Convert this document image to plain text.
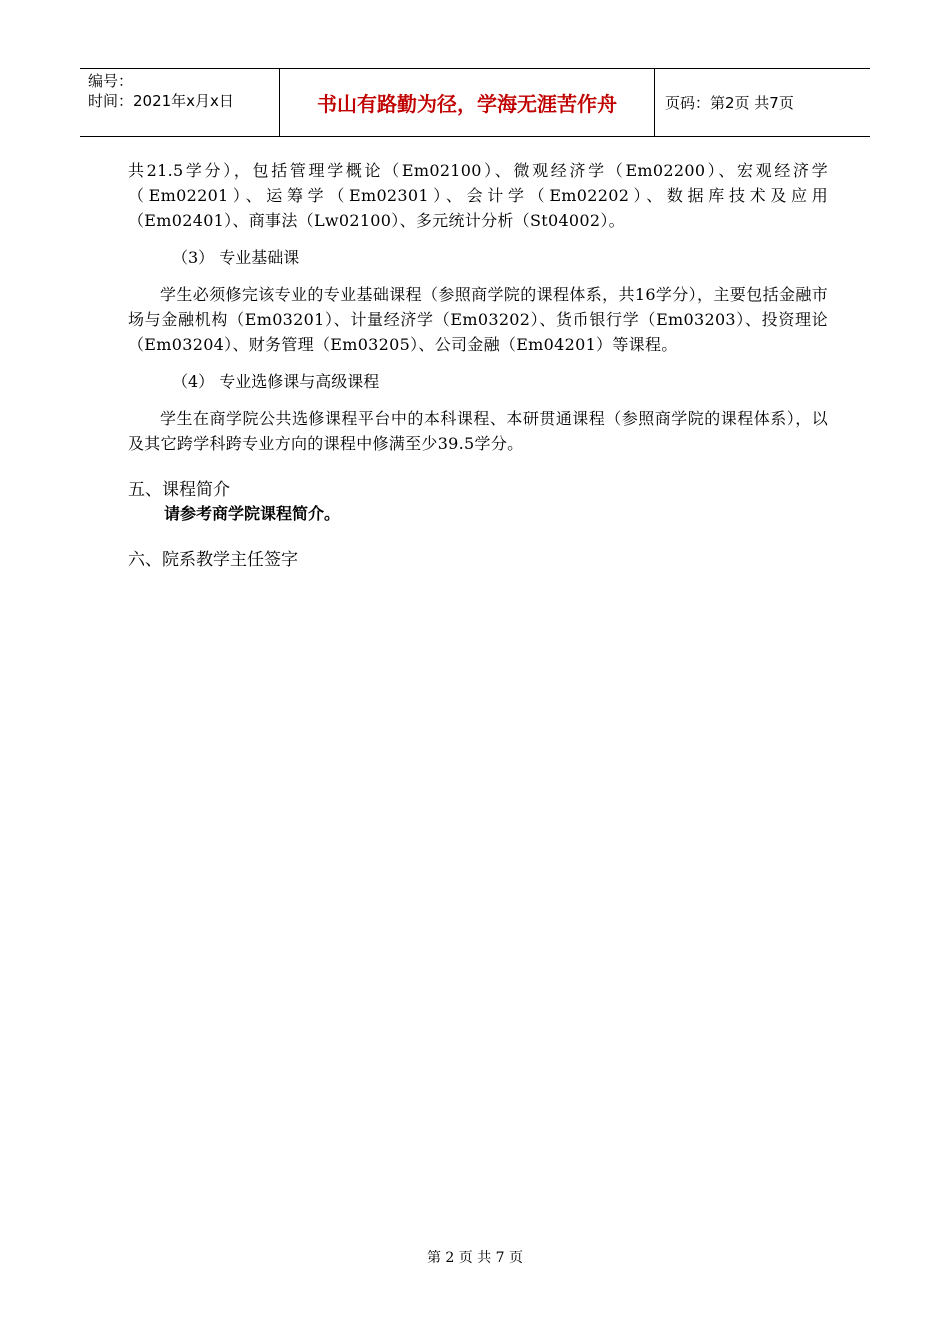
编号：
时间：2021年x月x日	书山有路勤为径，学海无涯苦作舟	页码：第2页 共7页

共21.5学分），包括管理学概论（Em02100）、微观经济学（Em02200）、宏观经济学（Em02201）、运筹学（Em02301）、会计学（Em02202）、数据库技术及应用（Em02401）、商事法（Lw02100）、多元统计分析（St04002）。

（3） 专业基础课

学生必须修完该专业的专业基础课程（参照商学院的课程体系，共16学分），主要包括金融市场与金融机构（Em03201）、计量经济学（Em03202）、货币银行学（Em03203）、投资理论（Em03204）、财务管理（Em03205）、公司金融（Em04201）等课程。

（4） 专业选修课与高级课程

学生在商学院公共选修课程平台中的本科课程、本研贯通课程（参照商学院的课程体系），以及其它跨学科跨专业方向的课程中修满至少39.5学分。

五、课程简介

请参考商学院课程简介。

六、院系教学主任签字

第 2 页 共 7 页
